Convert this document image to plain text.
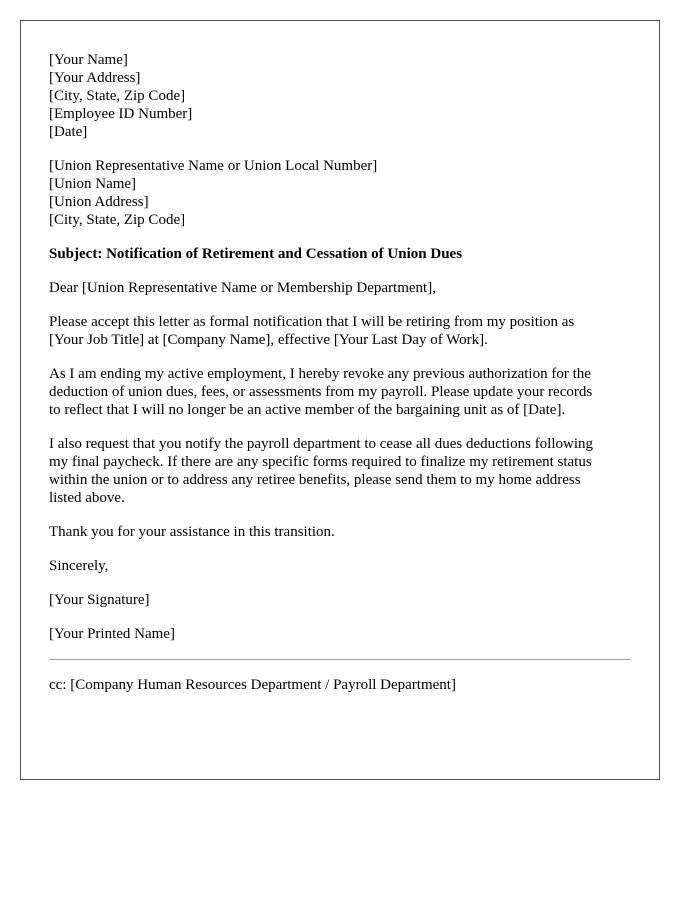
[Your Name]
[Your Address]
[City, State, Zip Code]
[Employee ID Number]
[Date]
[Union Representative Name or Union Local Number]
[Union Name]
[Union Address]
[City, State, Zip Code]
Subject: Notification of Retirement and Cessation of Union Dues

Dear [Union Representative Name or Membership Department],

Please accept this letter as formal notification that I will be retiring from my position as
[Your Job Title] at [Company Name], effective [Your Last Day of Work].

As I am ending my active employment, I hereby revoke any previous authorization for the
deduction of union dues, fees, or assessments from my payroll. Please update your records
to reflect that I will no longer be an active member of the bargaining unit as of [Date].

I also request that you notify the payroll department to cease all dues deductions following
my final paycheck. If there are any specific forms required to finalize my retirement status
within the union or to address any retiree benefits, please send them to my home address
listed above.

Thank you for your assistance in this transition.

Sincerely,

[Your Signature]

[Your Printed Name]

cc: [Company Human Resources Department / Payroll Department]
